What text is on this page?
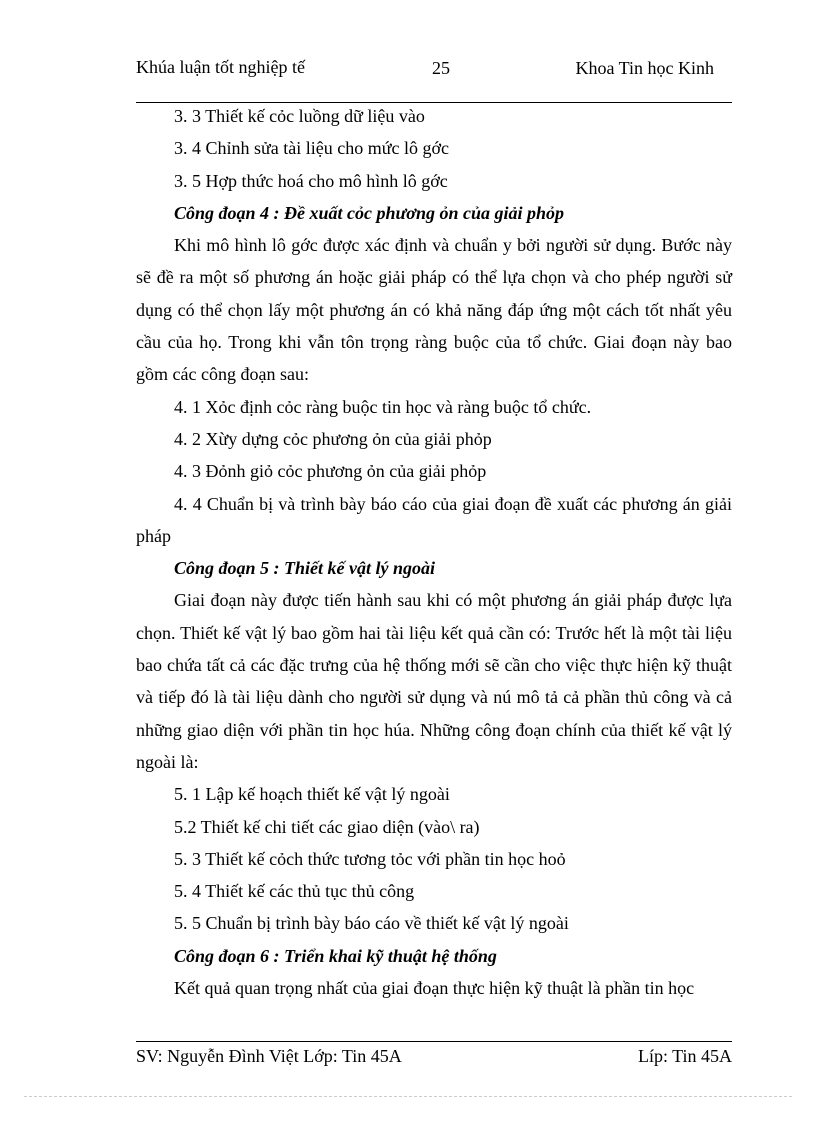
Khúa luận tốt nghiệp tế	25	Khoa Tin học Kinh
3. 3 Thiết kế cỏc luồng dữ liệu vào
3. 4 Chỉnh sửa tài liệu cho mức lô gớc
3. 5 Hợp thức hoá cho mô hình lô gớc
Công đoạn 4 : Đề xuất cỏc phương ỏn của giải phỏp
Khi mô hình lô gớc được xác định và chuẩn y bởi người sử dụng. Bước này sẽ đề ra một số phương án hoặc giải pháp có thể lựa chọn và cho phép người sử dụng có thể chọn lấy một phương án có khả năng đáp ứng một cách tốt nhất yêu cầu của họ. Trong khi vẫn tôn trọng ràng buộc của tổ chức. Giai đoạn này bao gồm các công đoạn sau:
4. 1 Xỏc định cỏc ràng buộc tin học và ràng buộc tổ chức.
4. 2 Xừy dựng cỏc phương ỏn của giải phỏp
4. 3 Đỏnh giỏ cỏc phương ỏn của giải phỏp
4. 4 Chuẩn bị và trình bày báo cáo của giai đoạn đề xuất các phương án giải pháp
Công đoạn 5 : Thiết kế vật lý ngoài
Giai đoạn này được tiến hành sau khi có một phương án giải pháp được lựa chọn. Thiết kế vật lý bao gồm hai tài liệu kết quả cần có: Trước hết là một tài liệu bao chứa tất cả các đặc trưng của hệ thống mới sẽ cần cho việc thực hiện kỹ thuật và tiếp đó là tài liệu dành cho người sử dụng và nú mô tả cả phần thủ công và cả những giao diện với phần tin học húa. Những công đoạn chính của thiết kế vật lý ngoài là:
5. 1 Lập kế hoạch thiết kế vật lý ngoài
5.2 Thiết kế chi tiết các giao diện (vào\ ra)
5. 3 Thiết kế cỏch thức tương tỏc với phần tin học hoỏ
5. 4 Thiết kế các thủ tục thủ công
5. 5 Chuẩn bị trình bày báo cáo về thiết kế vật lý ngoài
Công đoạn 6 : Triển khai kỹ thuật hệ thống
Kết quả quan trọng nhất của giai đoạn thực hiện kỹ thuật là phần tin học
SV: Nguyễn Đình Việt Lớp: Tin 45A	Líp: Tin 45A
